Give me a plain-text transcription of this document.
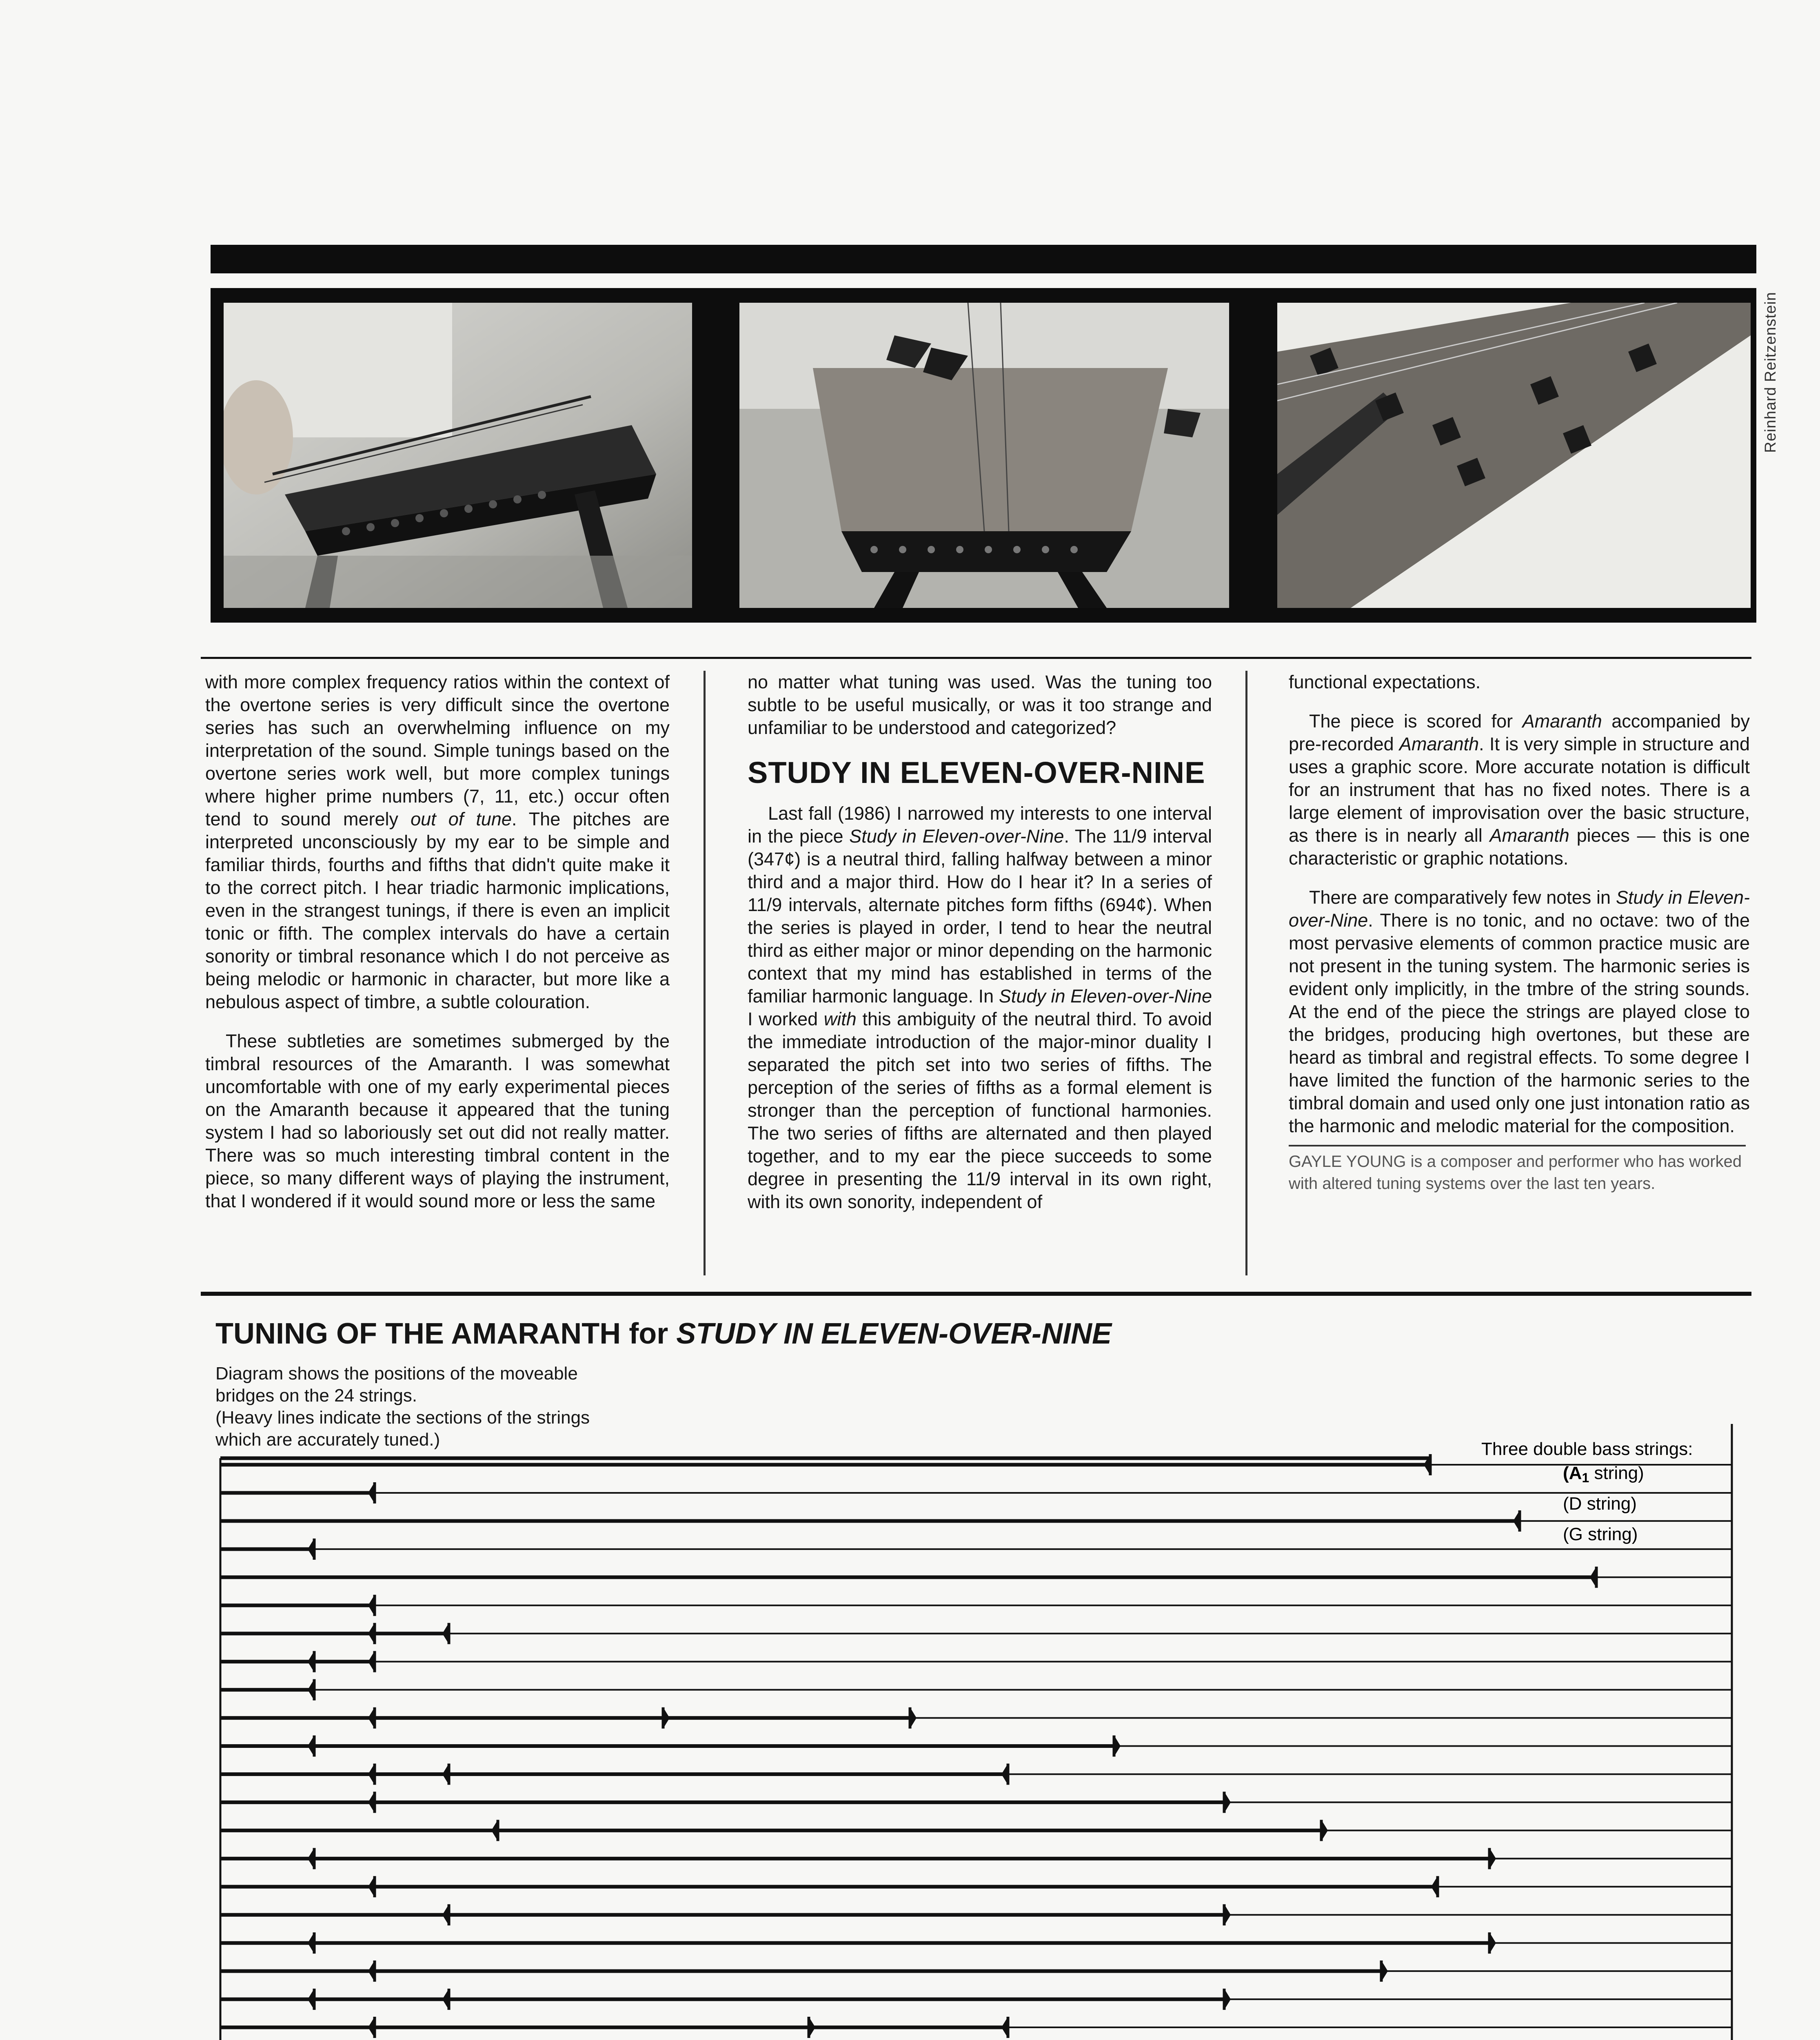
Reinhard Reitzenstein

with more complex frequency ratios within the context of the overtone series is very difficult since the overtone series has such an overwhelming influence on my interpretation of the sound. Simple tunings based on the overtone series work well, but more complex tunings where higher prime numbers (7, 11, etc.) occur often tend to sound merely out of tune. The pitches are interpreted unconsciously by my ear to be simple and familiar thirds, fourths and fifths that didn't quite make it to the correct pitch. I hear triadic harmonic implications, even in the strangest tunings, if there is even an implicit tonic or fifth. The complex intervals do have a certain sonority or timbral resonance which I do not perceive as being melodic or harmonic in character, but more like a nebulous aspect of timbre, a subtle colouration.

These subtleties are sometimes submerged by the timbral resources of the Amaranth. I was somewhat uncomfortable with one of my early experimental pieces on the Amaranth because it appeared that the tuning system I had so laboriously set out did not really matter. There was so much interesting timbral content in the piece, so many different ways of playing the instrument, that I wondered if it would sound more or less the same

no matter what tuning was used. Was the tuning too subtle to be useful musically, or was it too strange and unfamiliar to be understood and categorized?

STUDY IN ELEVEN-OVER-NINE

Last fall (1986) I narrowed my interests to one interval in the piece Study in Eleven-over-Nine. The 11/9 interval (347¢) is a neutral third, falling halfway between a minor third and a major third. How do I hear it? In a series of 11/9 intervals, alternate pitches form fifths (694¢). When the series is played in order, I tend to hear the neutral third as either major or minor depending on the harmonic context that my mind has established in terms of the familiar harmonic language. In Study in Eleven-over-Nine I worked with this ambiguity of the neutral third. To avoid the immediate introduction of the major-minor duality I separated the pitch set into two series of fifths. The perception of the series of fifths as a formal element is stronger than the perception of functional harmonies. The two series of fifths are alternated and then played together, and to my ear the piece succeeds to some degree in presenting the 11/9 interval in its own right, with its own sonority, independent of

functional expectations.

The piece is scored for Amaranth accompanied by pre-recorded Amaranth. It is very simple in structure and uses a graphic score. More accurate notation is difficult for an instrument that has no fixed notes. There is a large element of improvisation over the basic structure, as there is in nearly all Amaranth pieces — this is one characteristic or graphic notations.

There are comparatively few notes in Study in Eleven-over-Nine. There is no tonic, and no octave: two of the most pervasive elements of common practice music are not present in the tuning system. The harmonic series is evident only implicitly, in the tmbre of the string sounds. At the end of the piece the strings are played close to the bridges, producing high overtones, but these are heard as timbral and registral effects. To some degree I have limited the function of the harmonic series to the timbral domain and used only one just intonation ratio as the harmonic and melodic material for the composition.

GAYLE YOUNG is a composer and performer who has worked with altered tuning systems over the last ten years.
TUNING OF THE AMARANTH for STUDY IN ELEVEN-OVER-NINE
Diagram shows the positions of the moveable
bridges on the 24 strings.
(Heavy lines indicate the sections of the strings
which are accurately tuned.)	Three double bass strings:
(A1 string)
(D string)
(G string)
